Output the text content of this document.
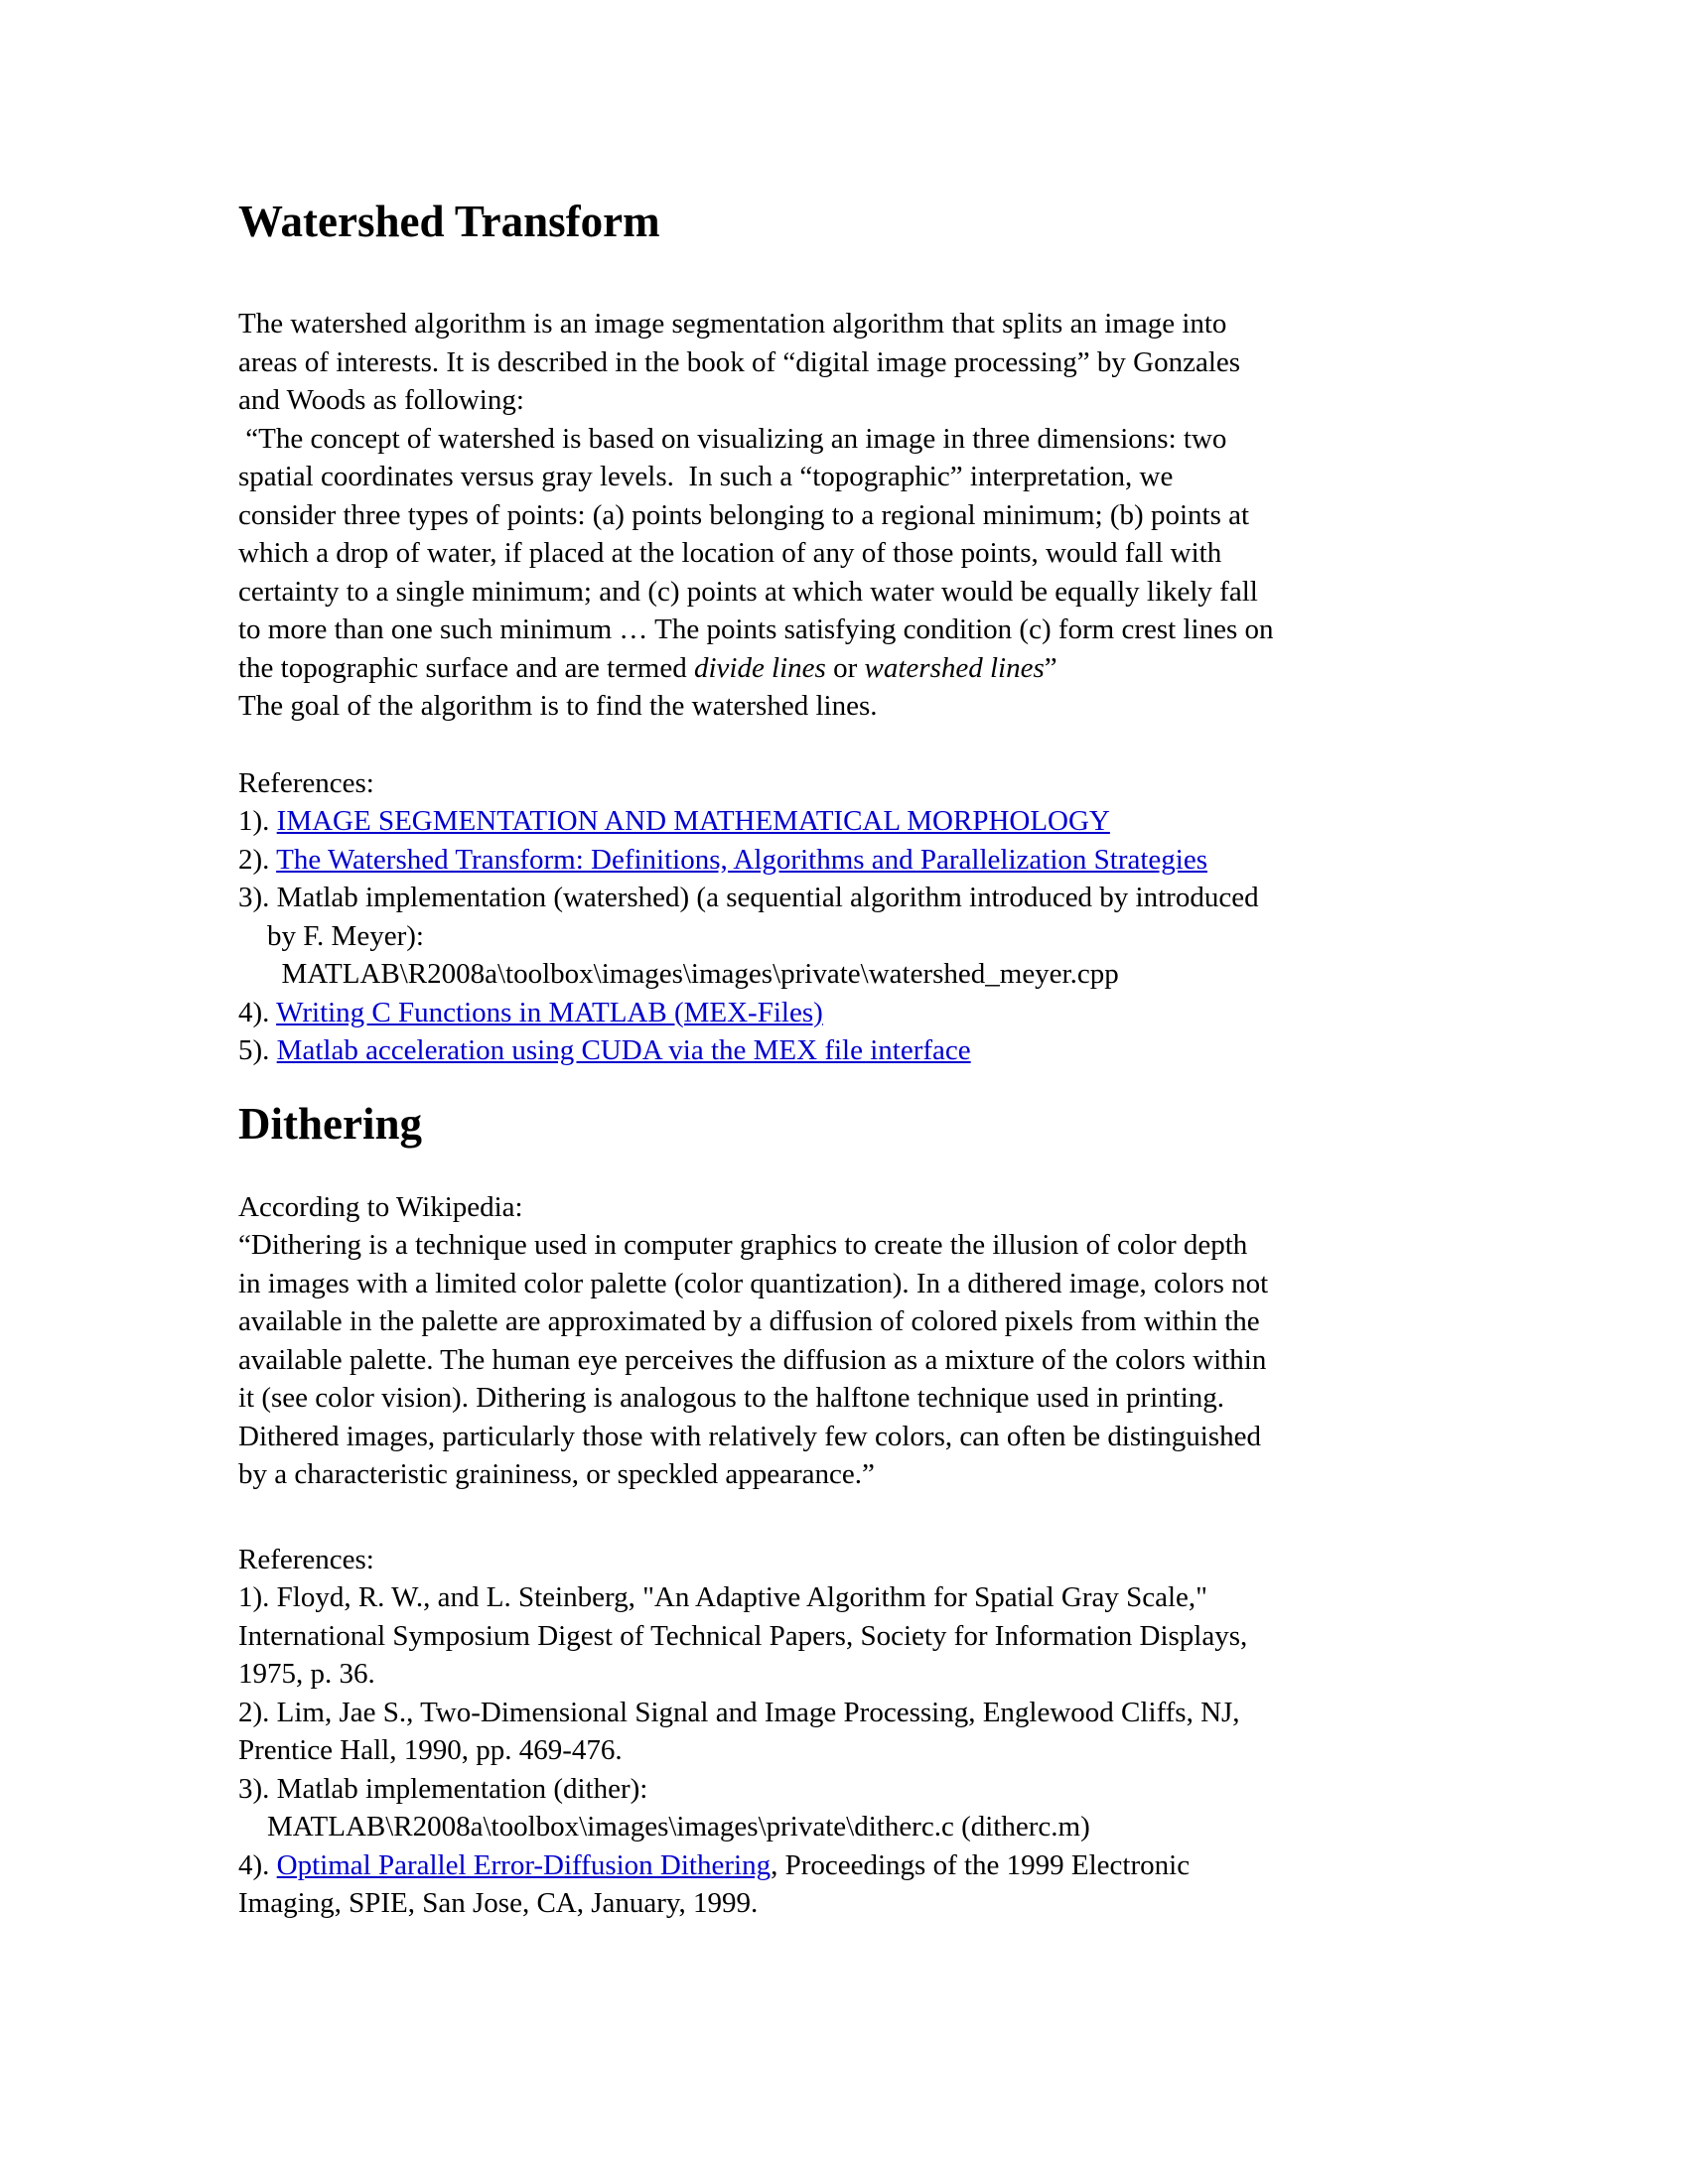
Watershed Transform
The watershed algorithm is an image segmentation algorithm that splits an image into
areas of interests. It is described in the book of “digital image processing” by Gonzales
and Woods as following:
“The concept of watershed is based on visualizing an image in three dimensions: two
spatial coordinates versus gray levels.  In such a “topographic” interpretation, we
consider three types of points: (a) points belonging to a regional minimum; (b) points at
which a drop of water, if placed at the location of any of those points, would fall with
certainty to a single minimum; and (c) points at which water would be equally likely fall
to more than one such minimum … The points satisfying condition (c) form crest lines on
the topographic surface and are termed divide lines or watershed lines”
The goal of the algorithm is to find the watershed lines.
References:
1). IMAGE SEGMENTATION AND MATHEMATICAL MORPHOLOGY
2). The Watershed Transform: Definitions, Algorithms and Parallelization Strategies
3). Matlab implementation (watershed) (a sequential algorithm introduced by introduced
by F. Meyer):
MATLAB\R2008a\toolbox\images\images\private\watershed_meyer.cpp
4). Writing C Functions in MATLAB (MEX-Files)
5). Matlab acceleration using CUDA via the MEX file interface
Dithering
According to Wikipedia:
“Dithering is a technique used in computer graphics to create the illusion of color depth
in images with a limited color palette (color quantization). In a dithered image, colors not
available in the palette are approximated by a diffusion of colored pixels from within the
available palette. The human eye perceives the diffusion as a mixture of the colors within
it (see color vision). Dithering is analogous to the halftone technique used in printing.
Dithered images, particularly those with relatively few colors, can often be distinguished
by a characteristic graininess, or speckled appearance.”
References:
1). Floyd, R. W., and L. Steinberg, "An Adaptive Algorithm for Spatial Gray Scale,"
International Symposium Digest of Technical Papers, Society for Information Displays,
1975, p. 36.
2). Lim, Jae S., Two-Dimensional Signal and Image Processing, Englewood Cliffs, NJ,
Prentice Hall, 1990, pp. 469-476.
3). Matlab implementation (dither):
MATLAB\R2008a\toolbox\images\images\private\ditherc.c (ditherc.m)
4). Optimal Parallel Error-Diffusion Dithering, Proceedings of the 1999 Electronic
Imaging, SPIE, San Jose, CA, January, 1999.
